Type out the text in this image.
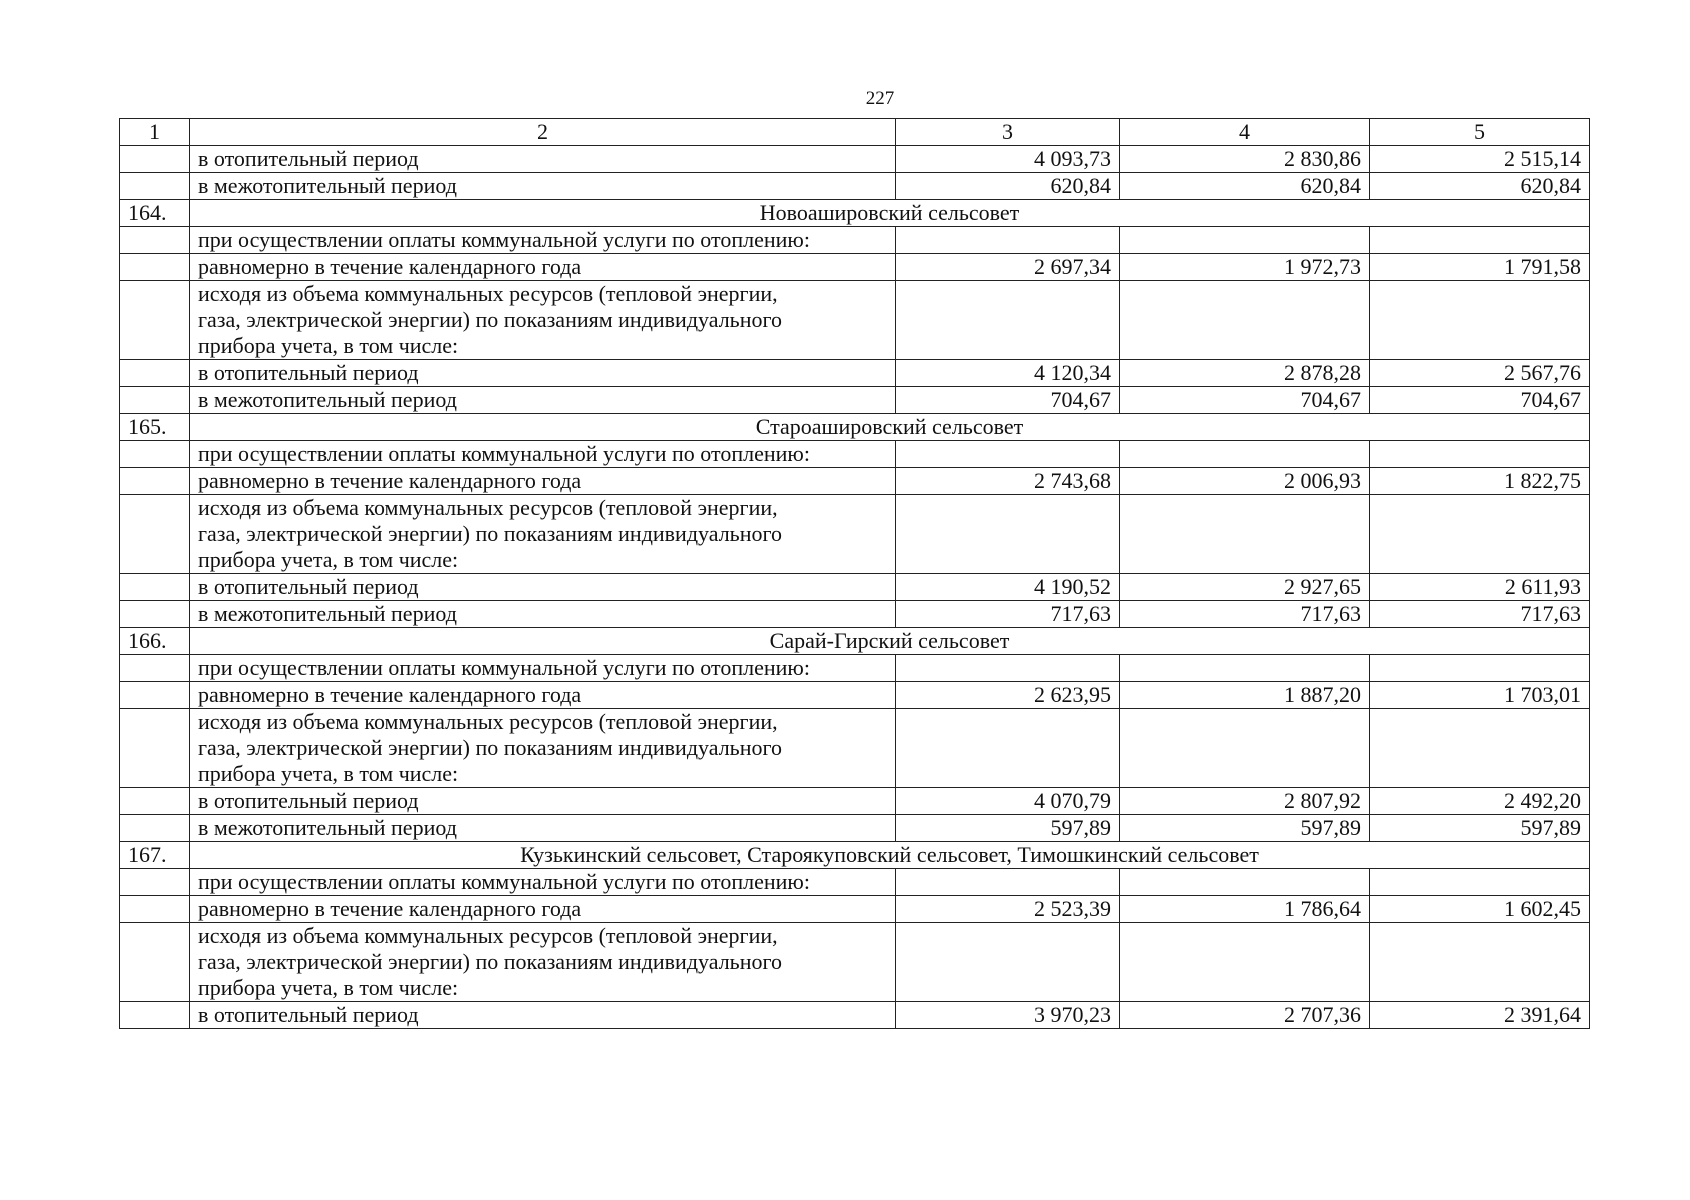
227
1	2	3	4	5
	в отопительный период	4 093,73	2 830,86	2 515,14
	в межотопительный период	620,84	620,84	620,84
164.	Новоашировский сельсовет			
	при осуществлении оплаты коммунальной услуги по отоплению:			
	равномерно в течение календарного года	2 697,34	1 972,73	1 791,58
	исходя из объема коммунальных ресурсов (тепловой энергии, газа, электрической энергии) по показаниям индивидуального прибора учета, в том числе:			
	в отопительный период	4 120,34	2 878,28	2 567,76
	в межотопительный период	704,67	704,67	704,67
165.	Староашировский сельсовет			
	при осуществлении оплаты коммунальной услуги по отоплению:			
	равномерно в течение календарного года	2 743,68	2 006,93	1 822,75
	исходя из объема коммунальных ресурсов (тепловой энергии, газа, электрической энергии) по показаниям индивидуального прибора учета, в том числе:			
	в отопительный период	4 190,52	2 927,65	2 611,93
	в межотопительный период	717,63	717,63	717,63
166.	Сарай-Гирский сельсовет			
	при осуществлении оплаты коммунальной услуги по отоплению:			
	равномерно в течение календарного года	2 623,95	1 887,20	1 703,01
	исходя из объема коммунальных ресурсов (тепловой энергии, газа, электрической энергии) по показаниям индивидуального прибора учета, в том числе:			
	в отопительный период	4 070,79	2 807,92	2 492,20
	в межотопительный период	597,89	597,89	597,89
167.	Кузькинский сельсовет, Староякуповский сельсовет, Тимошкинский сельсовет			
	при осуществлении оплаты коммунальной услуги по отоплению:			
	равномерно в течение календарного года	2 523,39	1 786,64	1 602,45
	исходя из объема коммунальных ресурсов (тепловой энергии, газа, электрической энергии) по показаниям индивидуального прибора учета, в том числе:			
	в отопительный период	3 970,23	2 707,36	2 391,64
